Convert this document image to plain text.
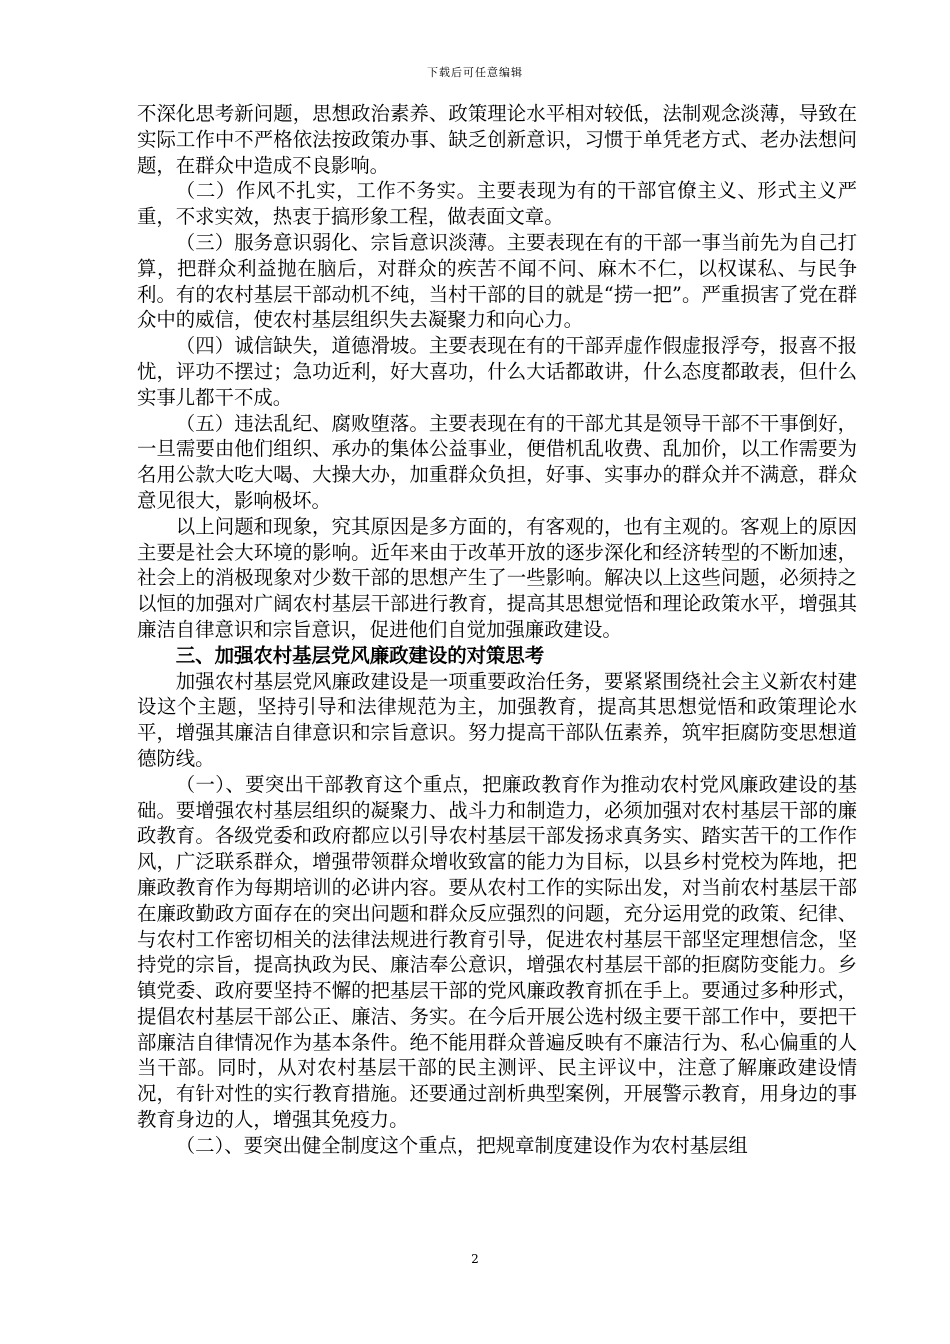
下载后可任意编辑

不深化思考新问题，思想政治素养、政策理论水平相对较低，法制观念淡薄，导致在实际工作中不严格依法按政策办事、缺乏创新意识，习惯于单凭老方式、老办法想问题，在群众中造成不良影响。

（二）作风不扎实，工作不务实。主要表现为有的干部官僚主义、形式主义严重，不求实效，热衷于搞形象工程，做表面文章。

（三）服务意识弱化、宗旨意识淡薄。主要表现在有的干部一事当前先为自己打算，把群众利益抛在脑后，对群众的疾苦不闻不问、麻木不仁，以权谋私、与民争利。有的农村基层干部动机不纯，当村干部的目的就是“捞一把”。严重损害了党在群众中的威信，使农村基层组织失去凝聚力和向心力。

（四）诚信缺失，道德滑坡。主要表现在有的干部弄虚作假虚报浮夸，报喜不报忧，评功不摆过；急功近利，好大喜功，什么大话都敢讲，什么态度都敢表，但什么实事儿都干不成。

（五）违法乱纪、腐败堕落。主要表现在有的干部尤其是领导干部不干事倒好，一旦需要由他们组织、承办的集体公益事业，便借机乱收费、乱加价，以工作需要为名用公款大吃大喝、大操大办，加重群众负担，好事、实事办的群众并不满意，群众意见很大，影响极坏。

以上问题和现象，究其原因是多方面的，有客观的，也有主观的。客观上的原因主要是社会大环境的影响。近年来由于改革开放的逐步深化和经济转型的不断加速，社会上的消极现象对少数干部的思想产生了一些影响。解决以上这些问题，必须持之以恒的加强对广阔农村基层干部进行教育，提高其思想觉悟和理论政策水平，增强其廉洁自律意识和宗旨意识，促进他们自觉加强廉政建设。

三、加强农村基层党风廉政建设的对策思考

加强农村基层党风廉政建设是一项重要政治任务，要紧紧围绕社会主义新农村建设这个主题，坚持引导和法律规范为主，加强教育，提高其思想觉悟和政策理论水平，增强其廉洁自律意识和宗旨意识。努力提高干部队伍素养，筑牢拒腐防变思想道德防线。

（一）、要突出干部教育这个重点，把廉政教育作为推动农村党风廉政建设的基础。要增强农村基层组织的凝聚力、战斗力和制造力，必须加强对农村基层干部的廉政教育。各级党委和政府都应以引导农村基层干部发扬求真务实、踏实苦干的工作作风，广泛联系群众，增强带领群众增收致富的能力为目标，以县乡村党校为阵地，把廉政教育作为每期培训的必讲内容。要从农村工作的实际出发，对当前农村基层干部在廉政勤政方面存在的突出问题和群众反应强烈的问题，充分运用党的政策、纪律、与农村工作密切相关的法律法规进行教育引导，促进农村基层干部坚定理想信念，坚持党的宗旨，提高执政为民、廉洁奉公意识，增强农村基层干部的拒腐防变能力。乡镇党委、政府要坚持不懈的把基层干部的党风廉政教育抓在手上。要通过多种形式，提倡农村基层干部公正、廉洁、务实。在今后开展公选村级主要干部工作中，要把干部廉洁自律情况作为基本条件。绝不能用群众普遍反映有不廉洁行为、私心偏重的人当干部。同时，从对农村基层干部的民主测评、民主评议中，注意了解廉政建设情况，有针对性的实行教育措施。还要通过剖析典型案例，开展警示教育，用身边的事教育身边的人，增强其免疫力。

（二）、要突出健全制度这个重点，把规章制度建设作为农村基层组

2
